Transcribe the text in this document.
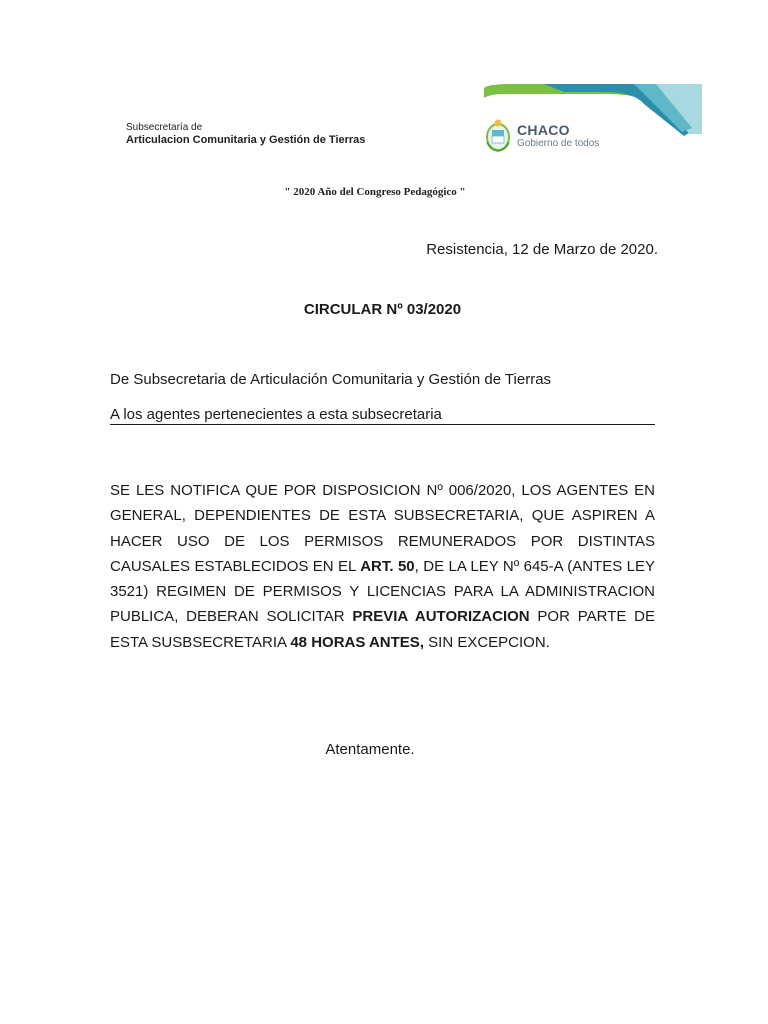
Subsecretaría de
Articulacion Comunitaria y Gestión de Tierras
CHACO
Gobierno de todos
" 2020 Año del Congreso Pedagógico "
Resistencia, 12 de Marzo de 2020.
CIRCULAR Nº 03/2020
De Subsecretaria de Articulación Comunitaria y Gestión de Tierras
A los agentes pertenecientes a esta subsecretaria
SE LES NOTIFICA QUE POR DISPOSICION Nº 006/2020, LOS AGENTES EN GENERAL, DEPENDIENTES DE ESTA SUBSECRETARIA, QUE ASPIREN A HACER USO DE LOS PERMISOS REMUNERADOS POR DISTINTAS CAUSALES ESTABLECIDOS EN EL ART. 50, DE LA LEY Nº 645-A (ANTES LEY 3521) REGIMEN DE PERMISOS Y LICENCIAS PARA LA ADMINISTRACION PUBLICA, DEBERAN SOLICITAR PREVIA AUTORIZACION POR PARTE DE ESTA SUSBSECRETARIA 48 HORAS ANTES, SIN EXCEPCION.
Atentamente.
